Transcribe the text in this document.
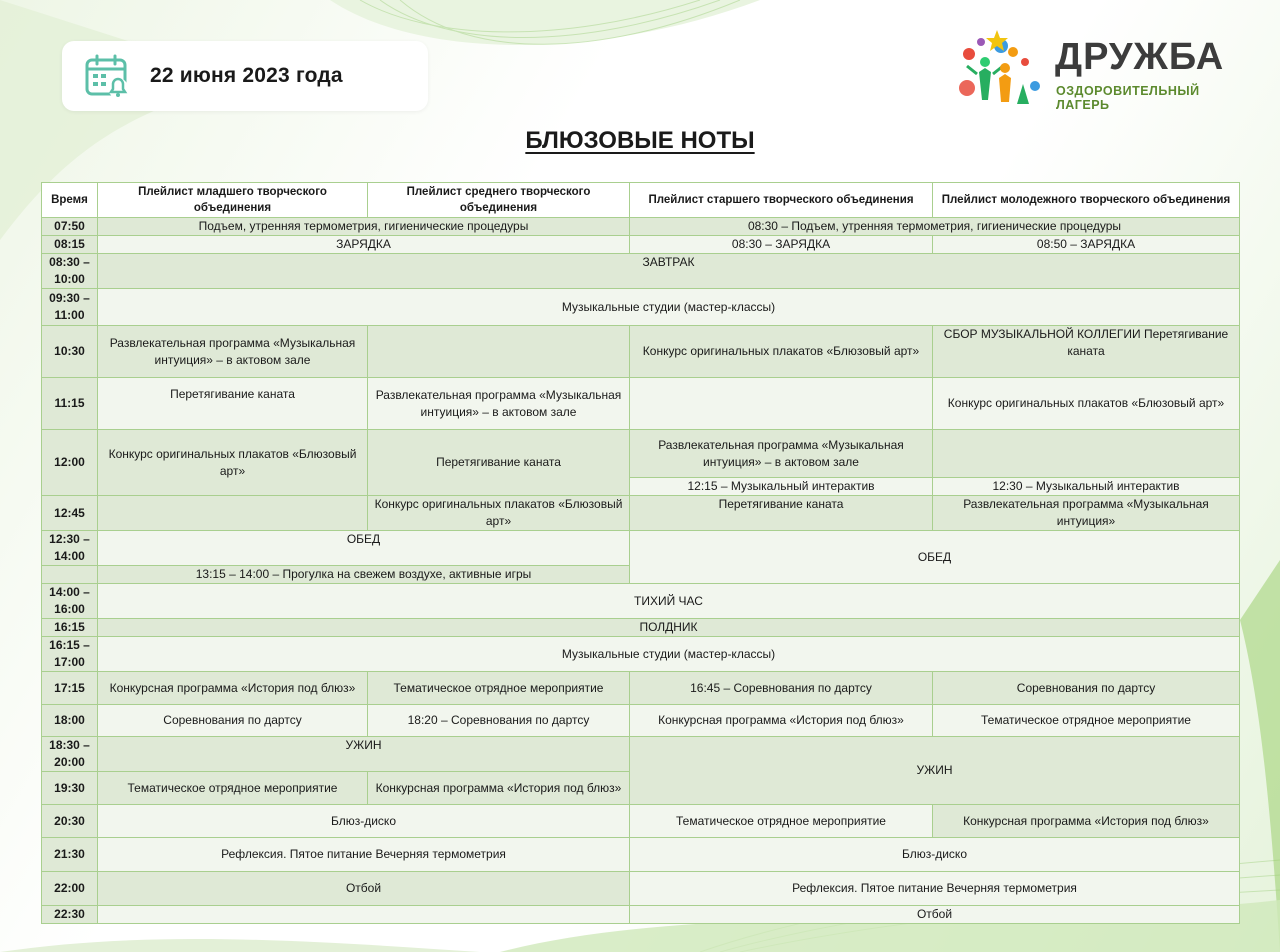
22 июня 2023 года	ДРУЖБА
ОЗДОРОВИТЕЛЬНЫЙ ЛАГЕРЬ
БЛЮЗОВЫЕ НОТЫ
Время	Плейлист младшего творческого объединения	Плейлист среднего творческого объединения	Плейлист старшего творческого объединения	Плейлист молодежного творческого объединения
07:50	Подъем, утренняя термометрия, гигиенические процедуры		08:30 – Подъем, утренняя термометрия, гигиенические процедуры	
08:15	ЗАРЯДКА		08:30 – ЗАРЯДКА	08:50 – ЗАРЯДКА
08:30 – 10:00	ЗАВТРАК			
09:30 – 11:00	Музыкальные студии (мастер-классы)			
10:30	Развлекательная программа «Музыкальная интуиция» – в актовом зале		Конкурс оригинальных плакатов «Блюзовый арт»	СБОР МУЗЫКАЛЬНОЙ КОЛЛЕГИИ Перетягивание каната
11:15	Перетягивание каната	Развлекательная программа «Музыкальная интуиция» – в актовом зале		Конкурс оригинальных плакатов «Блюзовый арт»
12:00	Конкурс оригинальных плакатов «Блюзовый арт»	Перетягивание каната	Развлекательная программа «Музыкальная интуиция» – в актовом зале	
			12:15 – Музыкальный интерактив	12:30 – Музыкальный интерактив
12:45		Конкурс оригинальных плакатов «Блюзовый арт»	Перетягивание каната	Развлекательная программа «Музыкальная интуиция»
12:30 – 14:00	ОБЕД		ОБЕД	
	13:15 – 14:00 – Прогулка на свежем воздухе, активные игры			
14:00 – 16:00	ТИХИЙ ЧАС			
16:15	ПОЛДНИК			
16:15 – 17:00	Музыкальные студии (мастер-классы)			
17:15	Конкурсная программа «История под блюз»	Тематическое отрядное мероприятие	16:45 – Соревнования по дартсу	Соревнования по дартсу
18:00	Соревнования по дартсу	18:20 – Соревнования по дартсу	Конкурсная программа «История под блюз»	Тематическое отрядное мероприятие
18:30 – 20:00	УЖИН		УЖИН	
19:30	Тематическое отрядное мероприятие	Конкурсная программа «История под блюз»		
20:30	Блюз-диско		Тематическое отрядное мероприятие	Конкурсная программа «История под блюз»
21:30	Рефлексия. Пятое питание Вечерняя термометрия		Блюз-диско	
22:00	Отбой		Рефлексия. Пятое питание Вечерняя термометрия	
22:30			Отбой	
